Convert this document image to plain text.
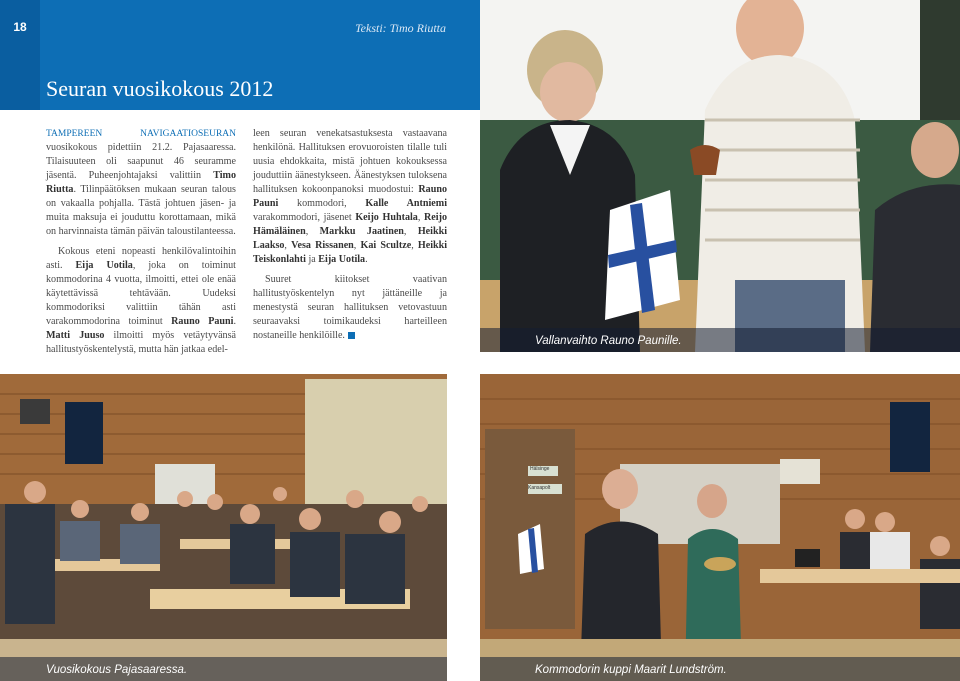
18	Teksti: Timo Riutta
Seuran vuosikokous 2012

TAMPEREEN NAVIGAATIOSEURAN vuosikokous pidettiin 21.2. Pajasaaressa. Tilaisuuteen oli saapunut 46 seuramme jäsentä. Puheenjohtajaksi valittiin Timo Riutta. Tilinpäätöksen mukaan seuran talous on vakaalla pohjalla. Tästä johtuen jäsen- ja muita maksuja ei jouduttu korottamaan, mikä on harvinnaista tämän päivän taloustilanteessa.

Kokous eteni nopeasti henkilövalintoihin asti. Eija Uotila, joka on toiminut kommodorina 4 vuotta, ilmoitti, ettei ole enää käytettävissä tehtävään. Uudeksi kommodoriksi valittiin tähän asti varakommodorina toiminut Rauno Pauni. Matti Juuso ilmoitti myös vetäytyvänsä hallitustyöskentelystä, mutta hän jatkaa edel-

leen seuran venekatsastuksesta vastaavana henkilönä. Hallituksen erovuoroisten tilalle tuli uusia ehdokkaita, mistä johtuen kokouksessa jouduttiin äänestykseen. Äänestyksen tuloksena hallituksen kokoonpanoksi muodostui: Rauno Pauni kommodori, Kalle Antniemi varakommodori, jäsenet Keijo Huhtala, Reijo Hämäläinen, Markku Jaatinen, Heikki Laakso, Vesa Rissanen, Kai Scultze, Heikki Teiskonlahti ja Eija Uotila.

Suuret kiitokset vaativan hallitustyöskentelyn nyt jättäneille ja menestystä seuran hallituksen vetovastuun seuraavaksi toimikaudeksi harteilleen nostaneille henkilöille.	Vallanvaihto Rauno Paunille.
Vuosikokous Pajasaaressa.
Hälsinge
Kansapolt
Kommodorin kuppi Maarit Lundström.
